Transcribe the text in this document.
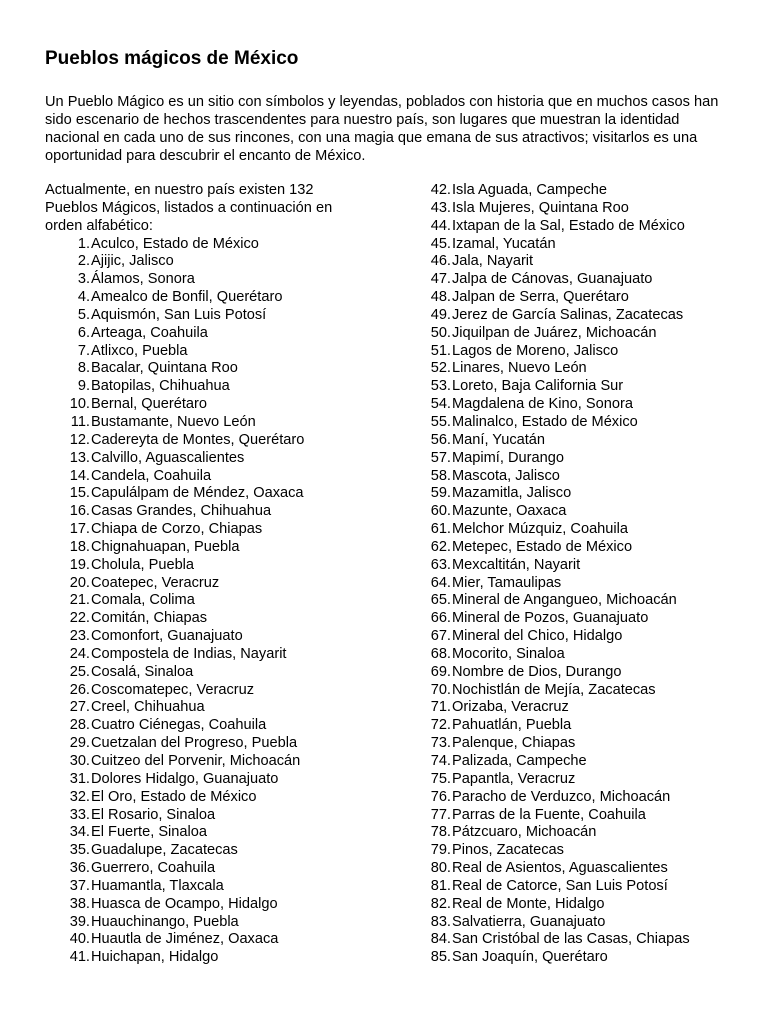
Pueblos mágicos de México

Un Pueblo Mágico es un sitio con símbolos y leyendas, poblados con historia que en muchos casos han sido escenario de hechos trascendentes para nuestro país, son lugares que muestran la identidad nacional en cada uno de sus rincones, con una magia que emana de sus atractivos; visitarlos es una oportunidad para descubrir el encanto de México.

Actualmente, en nuestro país existen 132 Pueblos Mágicos, listados a continuación en orden alfabético:

1. Aculco, Estado de México
2. Ajijic, Jalisco
3. Álamos, Sonora
4. Amealco de Bonfil, Querétaro
5. Aquismón, San Luis Potosí
6. Arteaga, Coahuila
7. Atlixco, Puebla
8. Bacalar, Quintana Roo
9. Batopilas, Chihuahua
10. Bernal, Querétaro
11. Bustamante, Nuevo León
12. Cadereyta de Montes, Querétaro
13. Calvillo, Aguascalientes
14. Candela, Coahuila
15. Capulálpam de Méndez, Oaxaca
16. Casas Grandes, Chihuahua
17. Chiapa de Corzo, Chiapas
18. Chignahuapan, Puebla
19. Cholula, Puebla
20. Coatepec, Veracruz
21. Comala, Colima
22. Comitán, Chiapas
23. Comonfort, Guanajuato
24. Compostela de Indias, Nayarit
25. Cosalá, Sinaloa
26. Coscomatepec, Veracruz
27. Creel, Chihuahua
28. Cuatro Ciénegas, Coahuila
29. Cuetzalan del Progreso, Puebla
30. Cuitzeo del Porvenir, Michoacán
31. Dolores Hidalgo, Guanajuato
32. El Oro, Estado de México
33. El Rosario, Sinaloa
34. El Fuerte, Sinaloa
35. Guadalupe, Zacatecas
36. Guerrero, Coahuila
37. Huamantla, Tlaxcala
38. Huasca de Ocampo, Hidalgo
39. Huauchinango, Puebla
40. Huautla de Jiménez, Oaxaca
41. Huichapan, Hidalgo
42. Isla Aguada, Campeche
43. Isla Mujeres, Quintana Roo
44. Ixtapan de la Sal, Estado de México
45. Izamal, Yucatán
46. Jala, Nayarit
47. Jalpa de Cánovas, Guanajuato
48. Jalpan de Serra, Querétaro
49. Jerez de García Salinas, Zacatecas
50. Jiquilpan de Juárez, Michoacán
51. Lagos de Moreno, Jalisco
52. Linares, Nuevo León
53. Loreto, Baja California Sur
54. Magdalena de Kino, Sonora
55. Malinalco, Estado de México
56. Maní, Yucatán
57. Mapimí, Durango
58. Mascota, Jalisco
59. Mazamitla, Jalisco
60. Mazunte, Oaxaca
61. Melchor Múzquiz, Coahuila
62. Metepec, Estado de México
63. Mexcaltitán, Nayarit
64. Mier, Tamaulipas
65. Mineral de Angangueo, Michoacán
66. Mineral de Pozos, Guanajuato
67. Mineral del Chico, Hidalgo
68. Mocorito, Sinaloa
69. Nombre de Dios, Durango
70. Nochistlán de Mejía, Zacatecas
71. Orizaba, Veracruz
72. Pahuatlán, Puebla
73. Palenque, Chiapas
74. Palizada, Campeche
75. Papantla, Veracruz
76. Paracho de Verduzco, Michoacán
77. Parras de la Fuente, Coahuila
78. Pátzcuaro, Michoacán
79. Pinos, Zacatecas
80. Real de Asientos, Aguascalientes
81. Real de Catorce, San Luis Potosí
82. Real de Monte, Hidalgo
83. Salvatierra, Guanajuato
84. San Cristóbal de las Casas, Chiapas
85. San Joaquín, Querétaro
